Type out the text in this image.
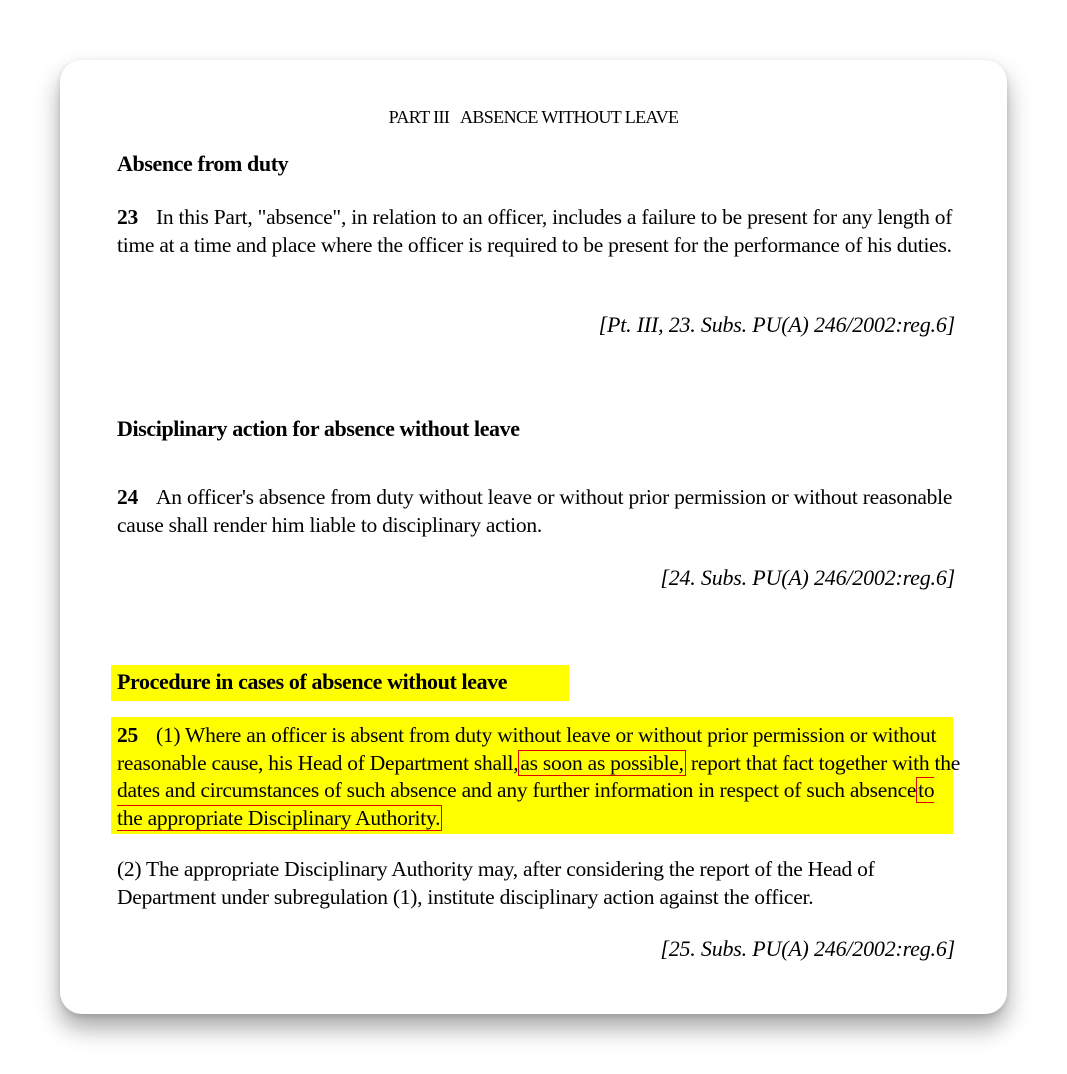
PART III   ABSENCE WITHOUT LEAVE
Absence from duty
23 In this Part, "absence", in relation to an officer, includes a failure to be present for any length of time at a time and place where the officer is required to be present for the performance of his duties.
[Pt. III, 23. Subs. PU(A) 246/2002:reg.6]
Disciplinary action for absence without leave
24 An officer's absence from duty without leave or without prior permission or without reasonable cause shall render him liable to disciplinary action.
[24. Subs. PU(A) 246/2002:reg.6]
Procedure in cases of absence without leave
25 (1) Where an officer is absent from duty without leave or without prior permission or without reasonable cause, his Head of Department shall,as soon as possible, report that fact together with the dates and circumstances of such absence and any further information in respect of such absenceto the appropriate Disciplinary Authority.
(2) The appropriate Disciplinary Authority may, after considering the report of the Head of Department under subregulation (1), institute disciplinary action against the officer.
[25. Subs. PU(A) 246/2002:reg.6]
